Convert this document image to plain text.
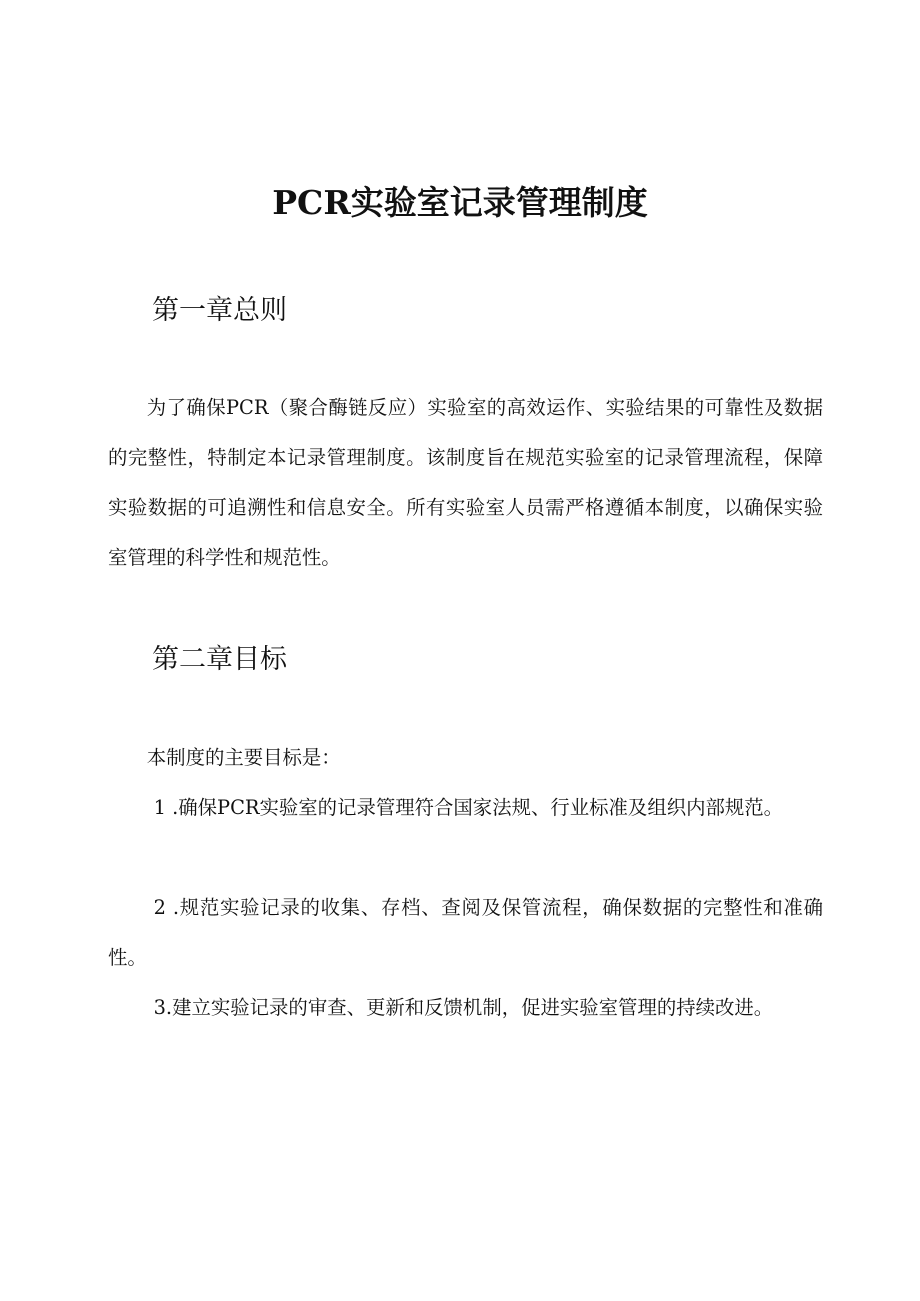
PCR实验室记录管理制度
第一章总则

为了确保PCR（聚合酶链反应）实验室的高效运作、实验结果的可靠性及数据的完整性，特制定本记录管理制度。该制度旨在规范实验室的记录管理流程，保障实验数据的可追溯性和信息安全。所有实验室人员需严格遵循本制度，以确保实验室管理的科学性和规范性。

第二章目标

本制度的主要目标是：

1 .确保PCR实验室的记录管理符合国家法规、行业标准及组织内部规范。

2 .规范实验记录的收集、存档、查阅及保管流程，确保数据的完整性和准确性。

3.建立实验记录的审查、更新和反馈机制，促进实验室管理的持续改进。
